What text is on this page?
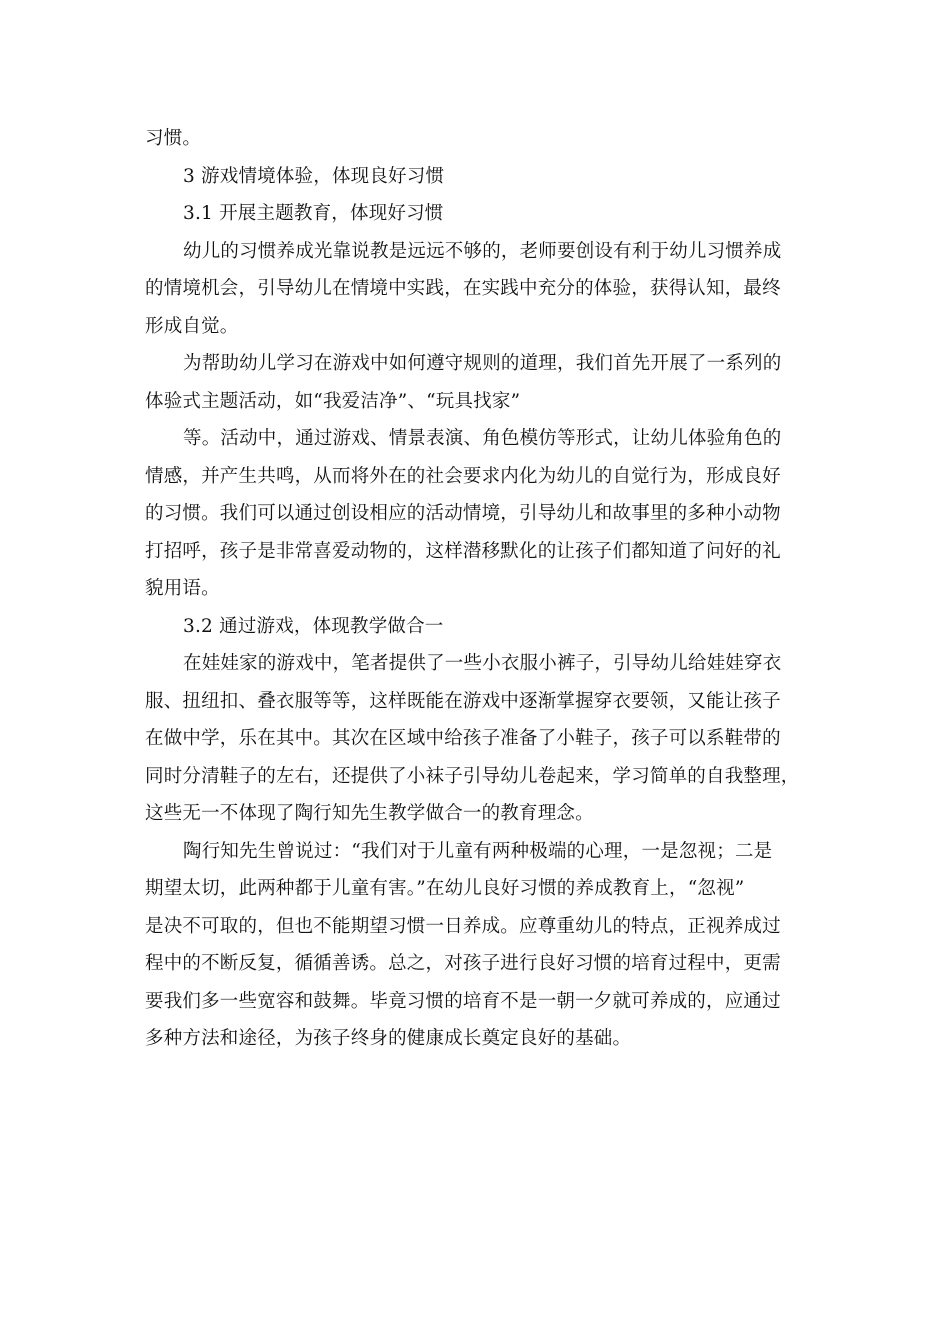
习惯。
3 游戏情境体验，体现良好习惯
3.1 开展主题教育，体现好习惯
幼儿的习惯养成光靠说教是远远不够的，老师要创设有利于幼儿习惯养成
的情境机会，引导幼儿在情境中实践，在实践中充分的体验，获得认知，最终
形成自觉。
为帮助幼儿学习在游戏中如何遵守规则的道理，我们首先开展了一系列的
体验式主题活动，如“我爱洁净”、“玩具找家”
等。活动中，通过游戏、情景表演、角色模仿等形式，让幼儿体验角色的
情感，并产生共鸣，从而将外在的社会要求内化为幼儿的自觉行为，形成良好
的习惯。我们可以通过创设相应的活动情境，引导幼儿和故事里的多种小动物
打招呼，孩子是非常喜爱动物的，这样潜移默化的让孩子们都知道了问好的礼
貌用语。
3.2 通过游戏，体现教学做合一
在娃娃家的游戏中，笔者提供了一些小衣服小裤子，引导幼儿给娃娃穿衣
服、扭纽扣、叠衣服等等，这样既能在游戏中逐渐掌握穿衣要领，又能让孩子
在做中学，乐在其中。其次在区域中给孩子准备了小鞋子，孩子可以系鞋带的
同时分清鞋子的左右，还提供了小袜子引导幼儿卷起来，学习简单的自我整理，
这些无一不体现了陶行知先生教学做合一的教育理念。
陶行知先生曾说过：“我们对于儿童有两种极端的心理，一是忽视；二是
期望太切，此两种都于儿童有害。”在幼儿良好习惯的养成教育上，“忽视”
是决不可取的，但也不能期望习惯一日养成。应尊重幼儿的特点，正视养成过
程中的不断反复，循循善诱。总之，对孩子进行良好习惯的培育过程中，更需
要我们多一些宽容和鼓舞。毕竟习惯的培育不是一朝一夕就可养成的，应通过
多种方法和途径，为孩子终身的健康成长奠定良好的基础。
